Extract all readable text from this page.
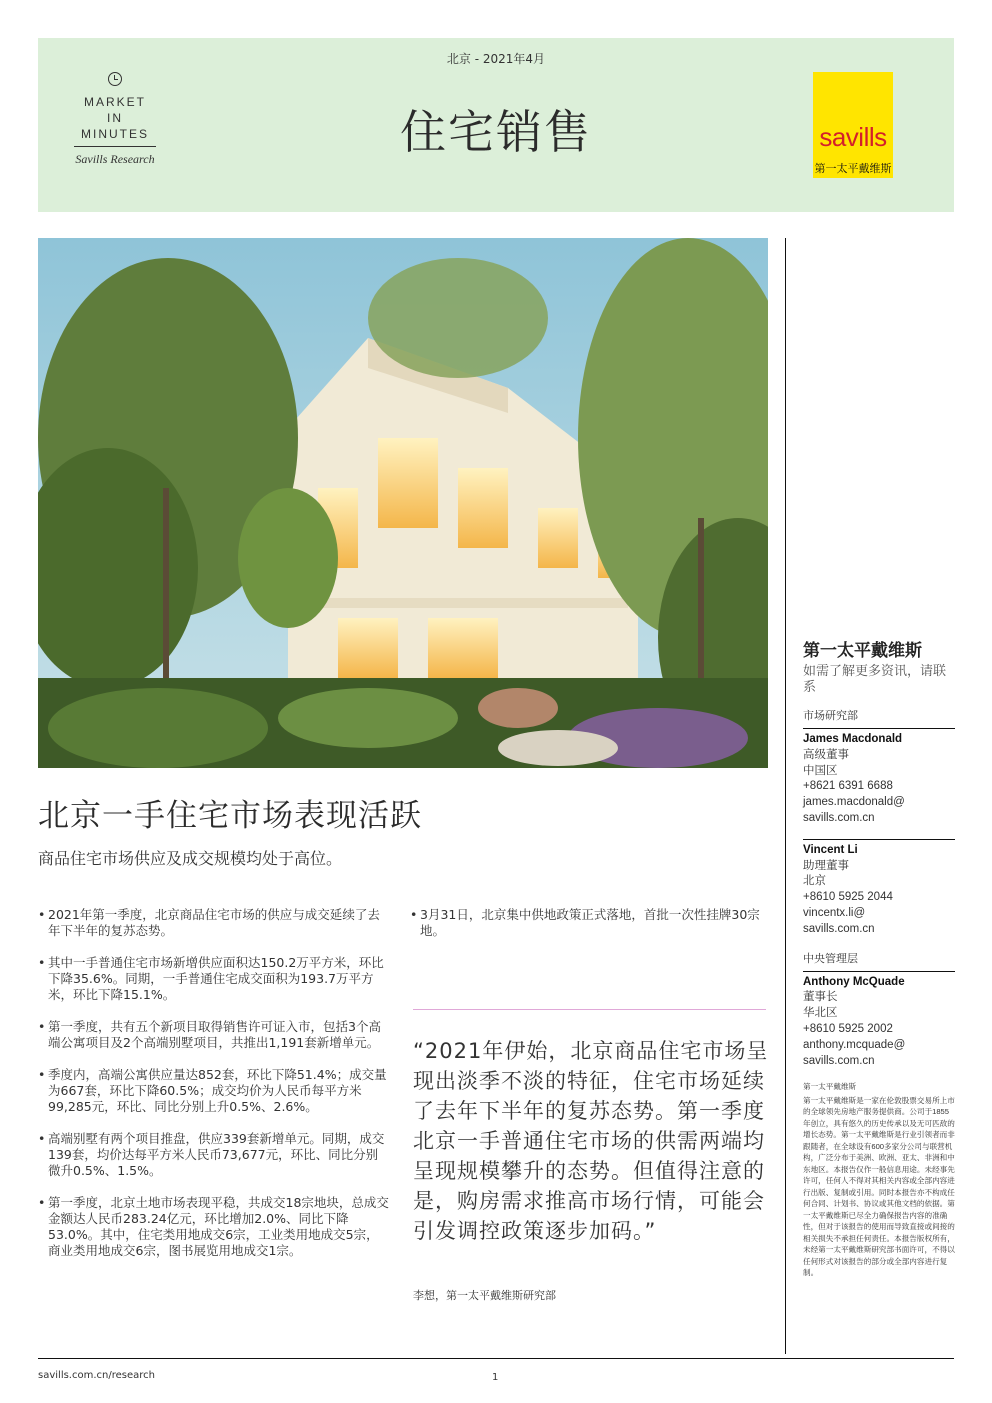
MARKET
IN
MINUTES
Savills Research
北京 - 2021年4月
住宅销售	savills
第一太平戴维斯
北京一手住宅市场表现活跃
商品住宅市场供应及成交规模均处于高位。
• 2021年第一季度，北京商品住宅市场的供应与成交延续了去年下半年的复苏态势。
• 其中一手普通住宅市场新增供应面积达150.2万平方米，环比下降35.6%。同期，一手普通住宅成交面积为193.7万平方米，环比下降15.1%。
• 第一季度，共有五个新项目取得销售许可证入市，包括3个高端公寓项目及2个高端别墅项目，共推出1,191套新增单元。
• 季度内，高端公寓供应量达852套，环比下降51.4%；成交量为667套，环比下降60.5%；成交均价为人民币每平方米99,285元，环比、同比分别上升0.5%、2.6%。
• 高端别墅有两个项目推盘，供应339套新增单元。同期，成交139套，均价达每平方米人民币73,677元，环比、同比分别微升0.5%、1.5%。
• 第一季度，北京土地市场表现平稳，共成交18宗地块，总成交金额达人民币283.24亿元，环比增加2.0%、同比下降53.0%。其中，住宅类用地成交6宗，工业类用地成交5宗，商业类用地成交6宗，图书展览用地成交1宗。
• 3月31日，北京集中供地政策正式落地，首批一次性挂牌30宗地。
“2021年伊始，北京商品住宅市场呈现出淡季不淡的特征，住宅市场延续了去年下半年的复苏态势。第一季度北京一手普通住宅市场的供需两端均呈现规模攀升的态势。但值得注意的是，购房需求推高市场行情，可能会引发调控政策逐步加码。”
李想，第一太平戴维斯研究部
第一太平戴维斯
如需了解更多资讯，请联系
市场研究部
James Macdonald
高级董事
中国区
+8621 6391 6688
james.macdonald@
savills.com.cn
Vincent Li
助理董事
北京
+8610 5925 2044
vincentx.li@
savills.com.cn
中央管理层
Anthony McQuade
董事长
华北区
+8610 5925 2002
anthony.mcquade@
savills.com.cn
第一太平戴维斯
第一太平戴维斯是一家在伦敦股票交易所上市的全球领先房地产服务提供商。公司于1855年创立，具有悠久的历史传承以及无可匹敌的增长态势。第一太平戴维斯是行业引领者而非跟随者，在全球设有600多家分公司与联营机构，广泛分布于美洲、欧洲、亚太、非洲和中东地区。本报告仅作一般信息用途。未经事先许可，任何人不得对其相关内容或全部内容进行出版、复制或引用。同时本报告亦不构成任何合同、计划书、协议或其他文档的依据。第一太平戴维斯已尽全力确保报告内容的准确性，但对于该报告的使用而导致直接或间接的相关损失不承担任何责任。本报告版权所有，未经第一太平戴维斯研究部书面许可，不得以任何形式对该报告的部分或全部内容进行复制。
savills.com.cn/research	1
